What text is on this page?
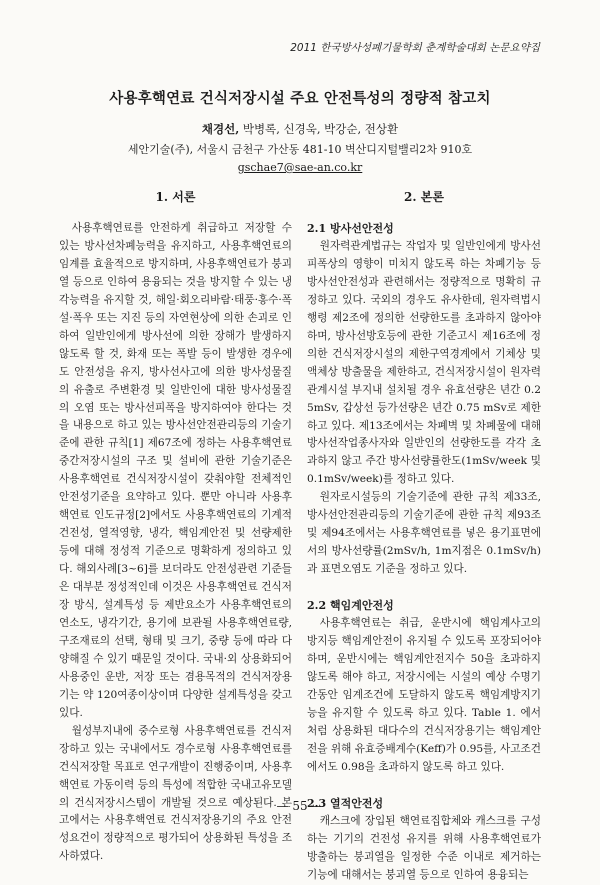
2011 한국방사성폐기물학회 춘계학술대회 논문요약집
사용후핵연료 건식저장시설 주요 안전특성의 정량적 참고치
채경선, 박병록, 신경욱, 박강순, 전상환
세안기술(주), 서울시 금천구 가산동 481-10 벽산디지털밸리2차 910호
gschae7@sae-an.co.kr
1. 서론

사용후핵연료를 안전하게 취급하고 저장할 수 있는 방사선차폐능력을 유지하고, 사용후핵연료의 임계를 효율적으로 방지하며, 사용후핵연료가 붕괴열 등으로 인하여 용융되는 것을 방지할 수 있는 냉각능력을 유지할 것, 해일·회오리바람·태풍·홍수·폭설·폭우 또는 지진 등의 자연현상에 의한 손괴로 인하여 일반인에게 방사선에 의한 장해가 발생하지 않도록 할 것, 화재 또는 폭발 등이 발생한 경우에도 안전성을 유지, 방사선사고에 의한 방사성물질의 유출로 주변환경 및 일반인에 대한 방사성물질의 오염 또는 방사선피폭을 방지하여야 한다는 것을 내용으로 하고 있는 방사선안전관리등의 기술기준에 관한 규칙[1] 제67조에 정하는 사용후핵연료 중간저장시설의 구조 및 설비에 관한 기술기준은 사용후핵연료 건식저장시설이 갖춰야할 전체적인 안전성기준을 요약하고 있다. 뿐만 아니라 사용후핵연료 인도규정[2]에서도 사용후핵연료의 기계적건전성, 열적영향, 냉각, 핵임계안전 및 선량제한 등에 대해 정성적 기준으로 명확하게 정의하고 있다. 해외사례[3~6]를 보더라도 안전성관련 기준들은 대부분 정성적인데 이것은 사용후핵연료 건식저장 방식, 설계특성 등 제반요소가 사용후핵연료의 연소도, 냉각기간, 용기에 보관될 사용후핵연료량, 구조재료의 선택, 형태 및 크기, 중량 등에 따라 다양해질 수 있기 때문일 것이다. 국내·외 상용화되어 사용중인 운반, 저장 또는 겸용목적의 건식저장용기는 약 120여종이상이며 다양한 설계특성을 갖고 있다.

월성부지내에 중수로형 사용후핵연료를 건식저장하고 있는 국내에서도 경수로형 사용후핵연료를 건식저장할 목표로 연구개발이 진행중이며, 사용후핵연료 가동이력 등의 특성에 적합한 국내고유모델의 건식저장시스템이 개발될 것으로 예상된다. 본 고에서는 사용후핵연료 건식저장용기의 주요 안전성요건이 정량적으로 평가되어 상용화된 특성을 조사하였다.

2. 본론

2.1 방사선안전성

원자력관계법규는 작업자 및 일반인에게 방사선피폭상의 영향이 미치지 않도록 하는 차폐기능 등 방사선안전성과 관련해서는 정량적으로 명확히 규정하고 있다. 국외의 경우도 유사한데, 원자력법시행령 제2조에 정의한 선량한도를 초과하지 않아야하며, 방사선방호등에 관한 기준고시 제16조에 정의한 건식저장시설의 제한구역경계에서 기체상 및 액체상 방출물을 제한하고, 건식저장시설이 원자력관계시설 부지내 설치될 경우 유효선량은 년간 0.25mSv, 갑상선 등가선량은 년간 0.75 mSv로 제한하고 있다. 제13조에서는 차폐벽 및 차폐물에 대해 방사선작업종사자와 일반인의 선량한도를 각각 초과하지 않고 주간 방사선량률한도(1mSv/week 및 0.1mSv/week)를 정하고 있다.

원자로시설등의 기술기준에 관한 규칙 제33조, 방사선안전관리등의 기술기준에 관한 규칙 제93조 및 제94조에서는 사용후핵연료를 넣은 용기표면에서의 방사선량률(2mSv/h, 1m지점은 0.1mSv/h)과 표면오염도 기준을 정하고 있다.

2.2 핵임계안전성

사용후핵연료는 취급, 운반시에 핵임계사고의 방지등 핵임계안전이 유지될 수 있도록 포장되어야 하며, 운반시에는 핵임계안전지수 50을 초과하지 않도록 해야 하고, 저장시에는 시설의 예상 수명기간동안 임계조건에 도달하지 않도록 핵임계방지기능을 유지할 수 있도록 하고 있다. Table 1. 에서 처럼 상용화된 대다수의 건식저장용기는 핵임계안전을 위해 유효증배계수(Keff)가 0.95를, 사고조건에서도 0.98을 초과하지 않도록 하고 있다.

2.3 열적안전성

캐스크에 장입된 핵연료집합체와 캐스크를 구성하는 기기의 건전성 유지를 위해 사용후핵연료가 방출하는 붕괴열을 일정한 수준 이내로 제거하는 기능에 대해서는 붕괴열 등으로 인하여 용융되는

— 55 —
